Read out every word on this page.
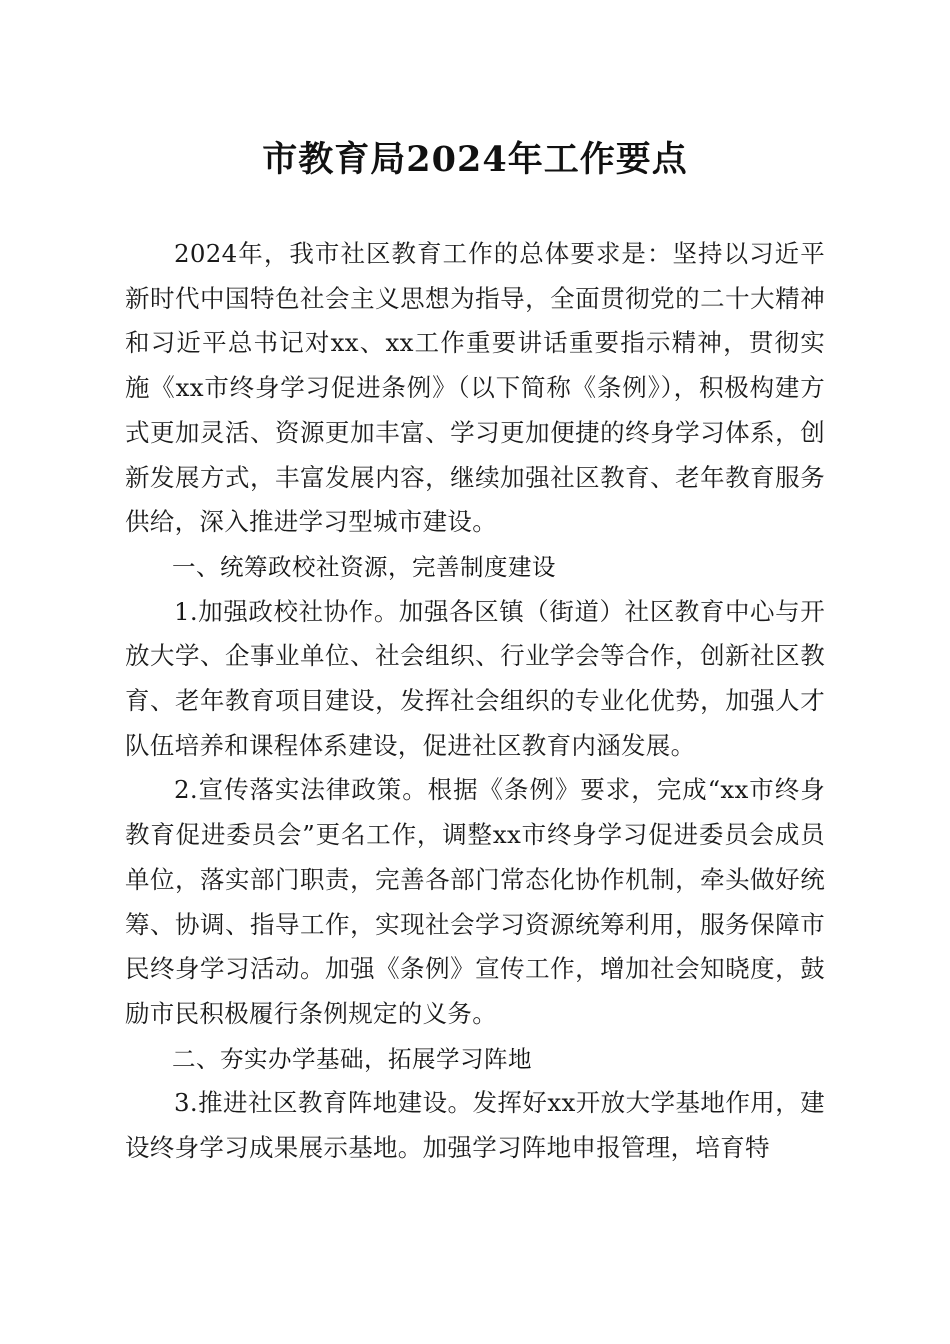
市教育局2024年工作要点

2024年，我市社区教育工作的总体要求是：坚持以习近平新时代中国特色社会主义思想为指导，全面贯彻党的二十大精神和习近平总书记对xx、xx工作重要讲话重要指示精神，贯彻实施《xx市终身学习促进条例》（以下简称《条例》），积极构建方式更加灵活、资源更加丰富、学习更加便捷的终身学习体系，创新发展方式，丰富发展内容，继续加强社区教育、老年教育服务供给，深入推进学习型城市建设。

一、统筹政校社资源，完善制度建设

1.加强政校社协作。加强各区镇（街道）社区教育中心与开放大学、企事业单位、社会组织、行业学会等合作，创新社区教育、老年教育项目建设，发挥社会组织的专业化优势，加强人才队伍培养和课程体系建设，促进社区教育内涵发展。

2.宣传落实法律政策。根据《条例》要求，完成“xx市终身教育促进委员会”更名工作，调整xx市终身学习促进委员会成员单位，落实部门职责，完善各部门常态化协作机制，牵头做好统筹、协调、指导工作，实现社会学习资源统筹利用，服务保障市民终身学习活动。加强《条例》宣传工作，增加社会知晓度，鼓励市民积极履行条例规定的义务。

二、夯实办学基础，拓展学习阵地

3.推进社区教育阵地建设。发挥好xx开放大学基地作用，建设终身学习成果展示基地。加强学习阵地申报管理，培育特
